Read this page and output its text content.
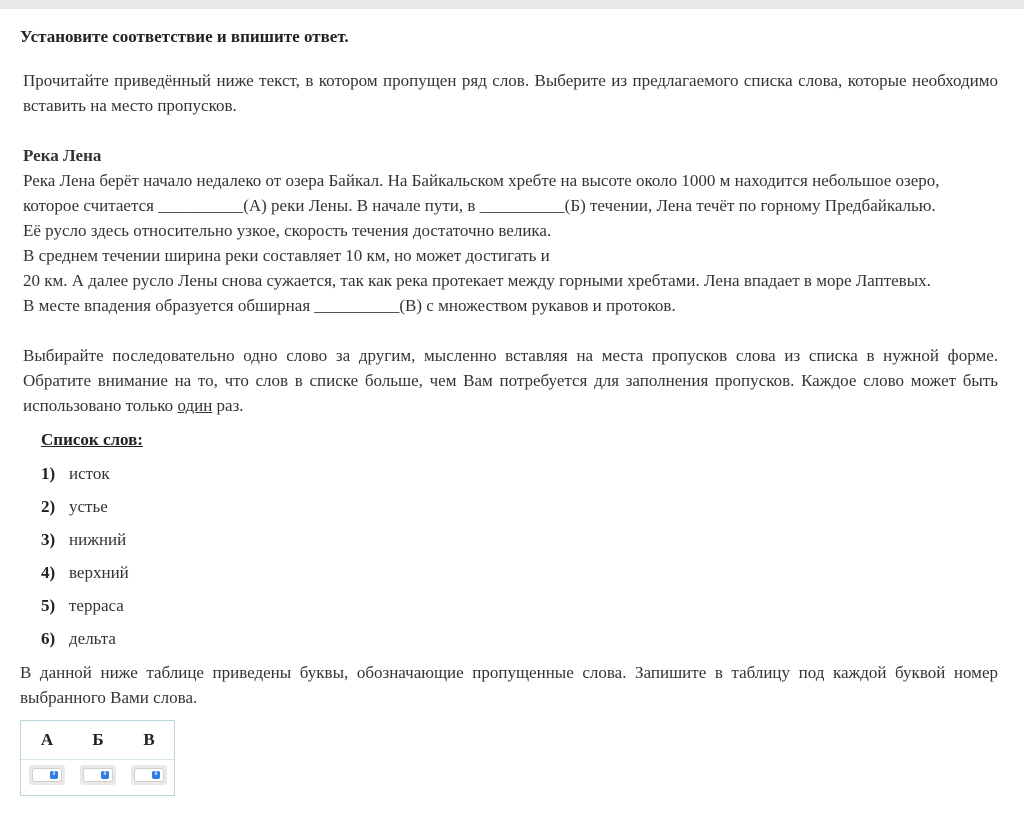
Установите соответствие и впишите ответ.
Прочитайте приведённый ниже текст, в котором пропущен ряд слов. Выберите из предлагаемого списка слова, которые необходимо вставить на место пропусков.
Река Лена
Река Лена берёт начало недалеко от озера Байкал. На Байкальском хребте на высоте около 1000 м находится небольшое озеро,
которое считается __________(А) реки Лены. В начале пути, в __________(Б) течении, Лена течёт по горному Предбайкалью.
Её русло здесь относительно узкое, скорость течения достаточно велика.
В среднем течении ширина реки составляет 10 км, но может достигать и
20 км. А далее русло Лены снова сужается, так как река протекает между горными хребтами. Лена впадает в море Лаптевых.
В месте впадения образуется обширная __________(В) с множеством рукавов и протоков.
Выбирайте последовательно одно слово за другим, мысленно вставляя на места пропусков слова из списка в нужной форме. Обратите внимание на то, что слов в списке больше, чем Вам потребуется для заполнения пропусков. Каждое слово может быть использовано только один раз.
Список слов:
1) исток
2) устье
3) нижний
4) верхний
5) терраса
6) дельта
В данной ниже таблице приведены буквы, обозначающие пропущенные слова. Запишите в таблицу под каждой буквой номер выбранного Вами слова.
А Б В
⇕	⇕	⇕
